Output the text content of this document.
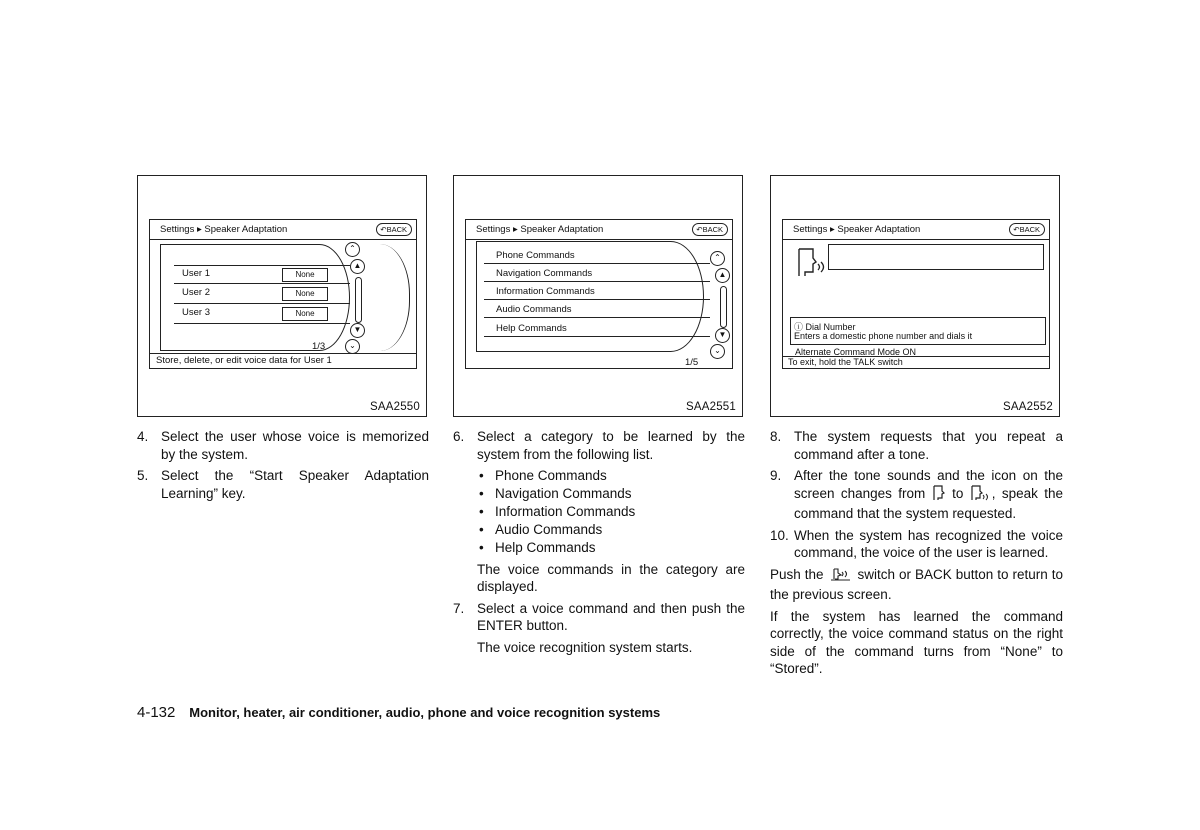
Settings ▸ Speaker Adaptation	↶BACK
User 1	None
User 2	None
User 3	None
1/3
⌃
▲
▼
⌄
Store, delete, or edit voice data for User 1
SAA2550
Settings ▸ Speaker Adaptation	↶BACK
Phone Commands
Navigation Commands
Information Commands
Audio Commands
Help Commands
1/5
⌃
▲
▼
⌄
SAA2551
Settings ▸ Speaker Adaptation	↶BACK
ⓘ Dial Number
Enters a domestic phone number and dials it
Alternate Command Mode ON
To exit, hold the TALK switch
SAA2552
4. Select the user whose voice is memorized by the system.
5. Select the “Start Speaker Adaptation Learning” key.
6. Select a category to be learned by the system from the following list.
• Phone Commands
• Navigation Commands
• Information Commands
• Audio Commands
• Help Commands
The voice commands in the category are displayed.
7. Select a voice command and then push the ENTER button.
The voice recognition system starts.
8. The system requests that you repeat a command after a tone.
9. After the tone sounds and the icon on the screen changes from to , speak the command that the system requested.
10. When the system has recognized the voice command, the voice of the user is learned.
Push the	switch or BACK button to return to the previous screen.
If the system has learned the command correctly, the voice command status on the right side of the command turns from “None” to “Stored”.
4-132 Monitor, heater, air conditioner, audio, phone and voice recognition systems
